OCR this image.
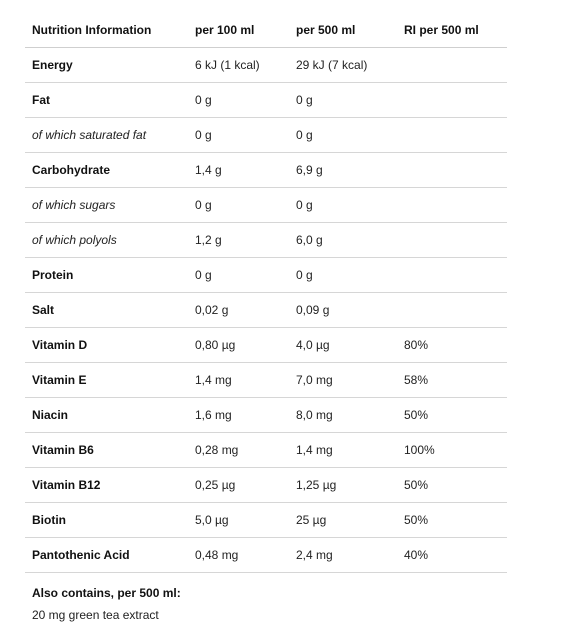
Nutrition Information	per 100 ml	per 500 ml	RI per 500 ml
Energy	6 kJ (1 kcal)	29 kJ (7 kcal)	
Fat	0 g	0 g	
of which saturated fat	0 g	0 g	
Carbohydrate	1,4 g	6,9 g	
of which sugars	0 g	0 g	
of which polyols	1,2 g	6,0 g	
Protein	0 g	0 g	
Salt	0,02 g	0,09 g	
Vitamin D	0,80 µg	4,0 µg	80%
Vitamin E	1,4 mg	7,0 mg	58%
Niacin	1,6 mg	8,0 mg	50%
Vitamin B6	0,28 mg	1,4 mg	100%
Vitamin B12	0,25 µg	1,25 µg	50%
Biotin	5,0 µg	25 µg	50%
Pantothenic Acid	0,48 mg	2,4 mg	40%
Also contains, per 500 ml:
20 mg green tea extract
